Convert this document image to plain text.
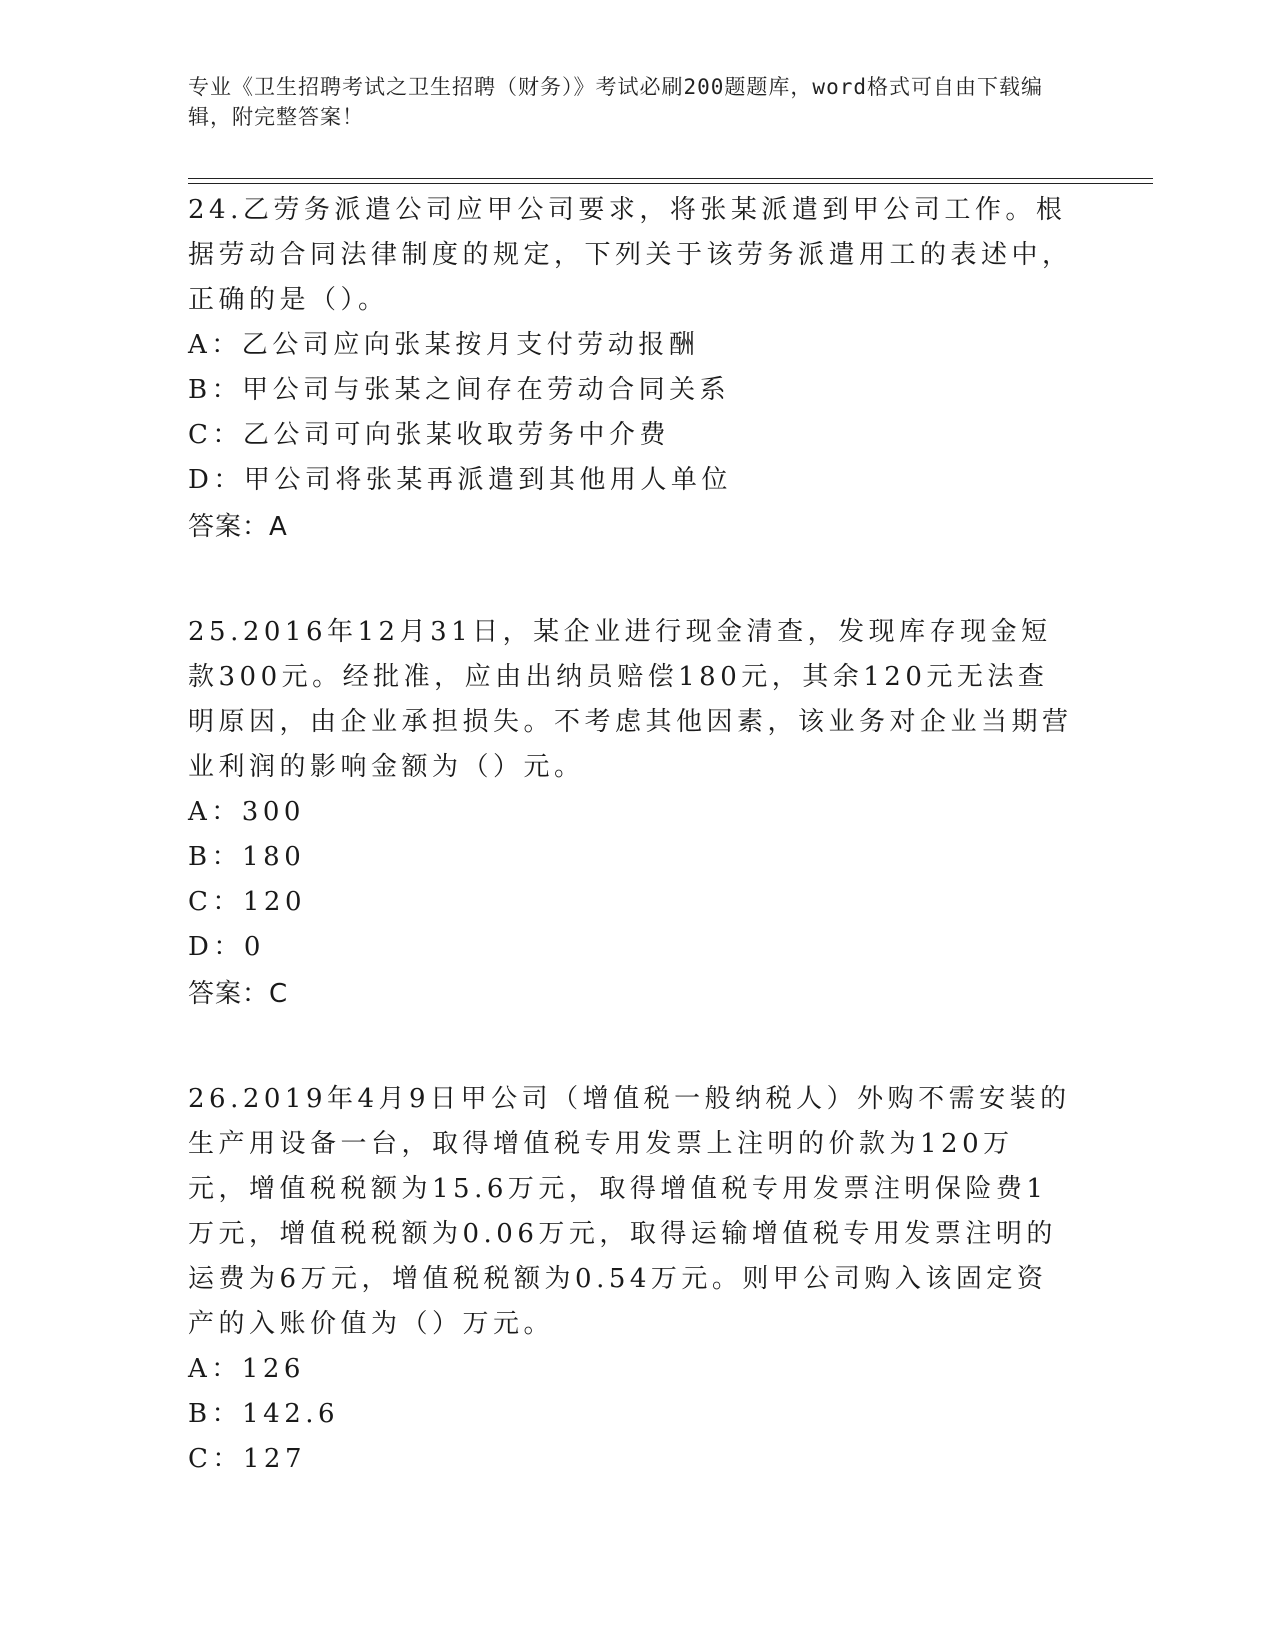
专业《卫生招聘考试之卫生招聘（财务）》考试必刷200题题库，word格式可自由下载编辑，附完整答案！

24.乙劳务派遣公司应甲公司要求，将张某派遣到甲公司工作。根据劳动合同法律制度的规定，下列关于该劳务派遣用工的表述中，正确的是（）。

A：乙公司应向张某按月支付劳动报酬

B：甲公司与张某之间存在劳动合同关系

C：乙公司可向张某收取劳务中介费

D：甲公司将张某再派遣到其他用人单位

答案：A

25.2016年12月31日，某企业进行现金清查，发现库存现金短款300元。经批准，应由出纳员赔偿180元，其余120元无法查明原因，由企业承担损失。不考虑其他因素，该业务对企业当期营业利润的影响金额为（）元。

A：300

B：180

C：120

D：0

答案：C

26.2019年4月9日甲公司（增值税一般纳税人）外购不需安装的生产用设备一台，取得增值税专用发票上注明的价款为120万元，增值税税额为15.6万元，取得增值税专用发票注明保险费1万元，增值税税额为0.06万元，取得运输增值税专用发票注明的运费为6万元，增值税税额为0.54万元。则甲公司购入该固定资产的入账价值为（）万元。

A：126

B：142.6

C：127
